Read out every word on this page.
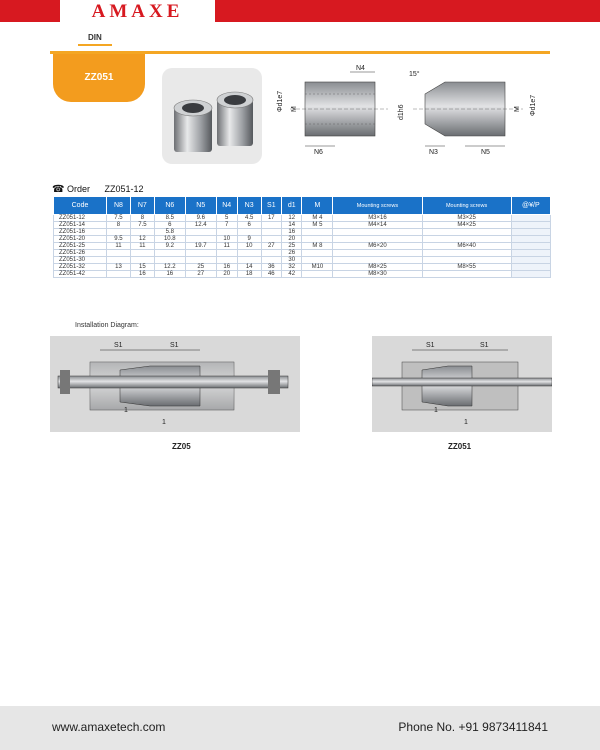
AMAXE
DIN
ZZ051
N4
N6
Φd1e7 M
15°
N3	N5
d1h6	M Φd1e7
☎ Order ZZ051-12
Code	N8	N7	N6	N5	N4	N3	S1	d1	M	Mounting screws	Mounting screws	@¥/P
ZZ051-12	7.5	8	8.5	9.6	5	4.5	17	12	M 4	M3×16	M3×25	
ZZ051-14	8	7.5	6	12.4	7	6		14	M 5	M4×14	M4×25	
ZZ051-16			5.8					16				
ZZ051-20	9.5	12	10.8		10	9		20				
ZZ051-25	11	11	9.2	19.7	11	10	27	25	M 8	M6×20	M6×40	
ZZ051-26								26				
ZZ051-30								30				
ZZ051-32	13	15	12.2	25	16	14	36	32	M10	M8×25	M8×55	
ZZ051-42		16	16	27	20	18	46	42		M8×30		
Installation Diagram:
S1	S1
1
1
ZZ05
S1	S1
1
1
ZZ051
www.amaxetech.com	Phone No. +91 9873411841
